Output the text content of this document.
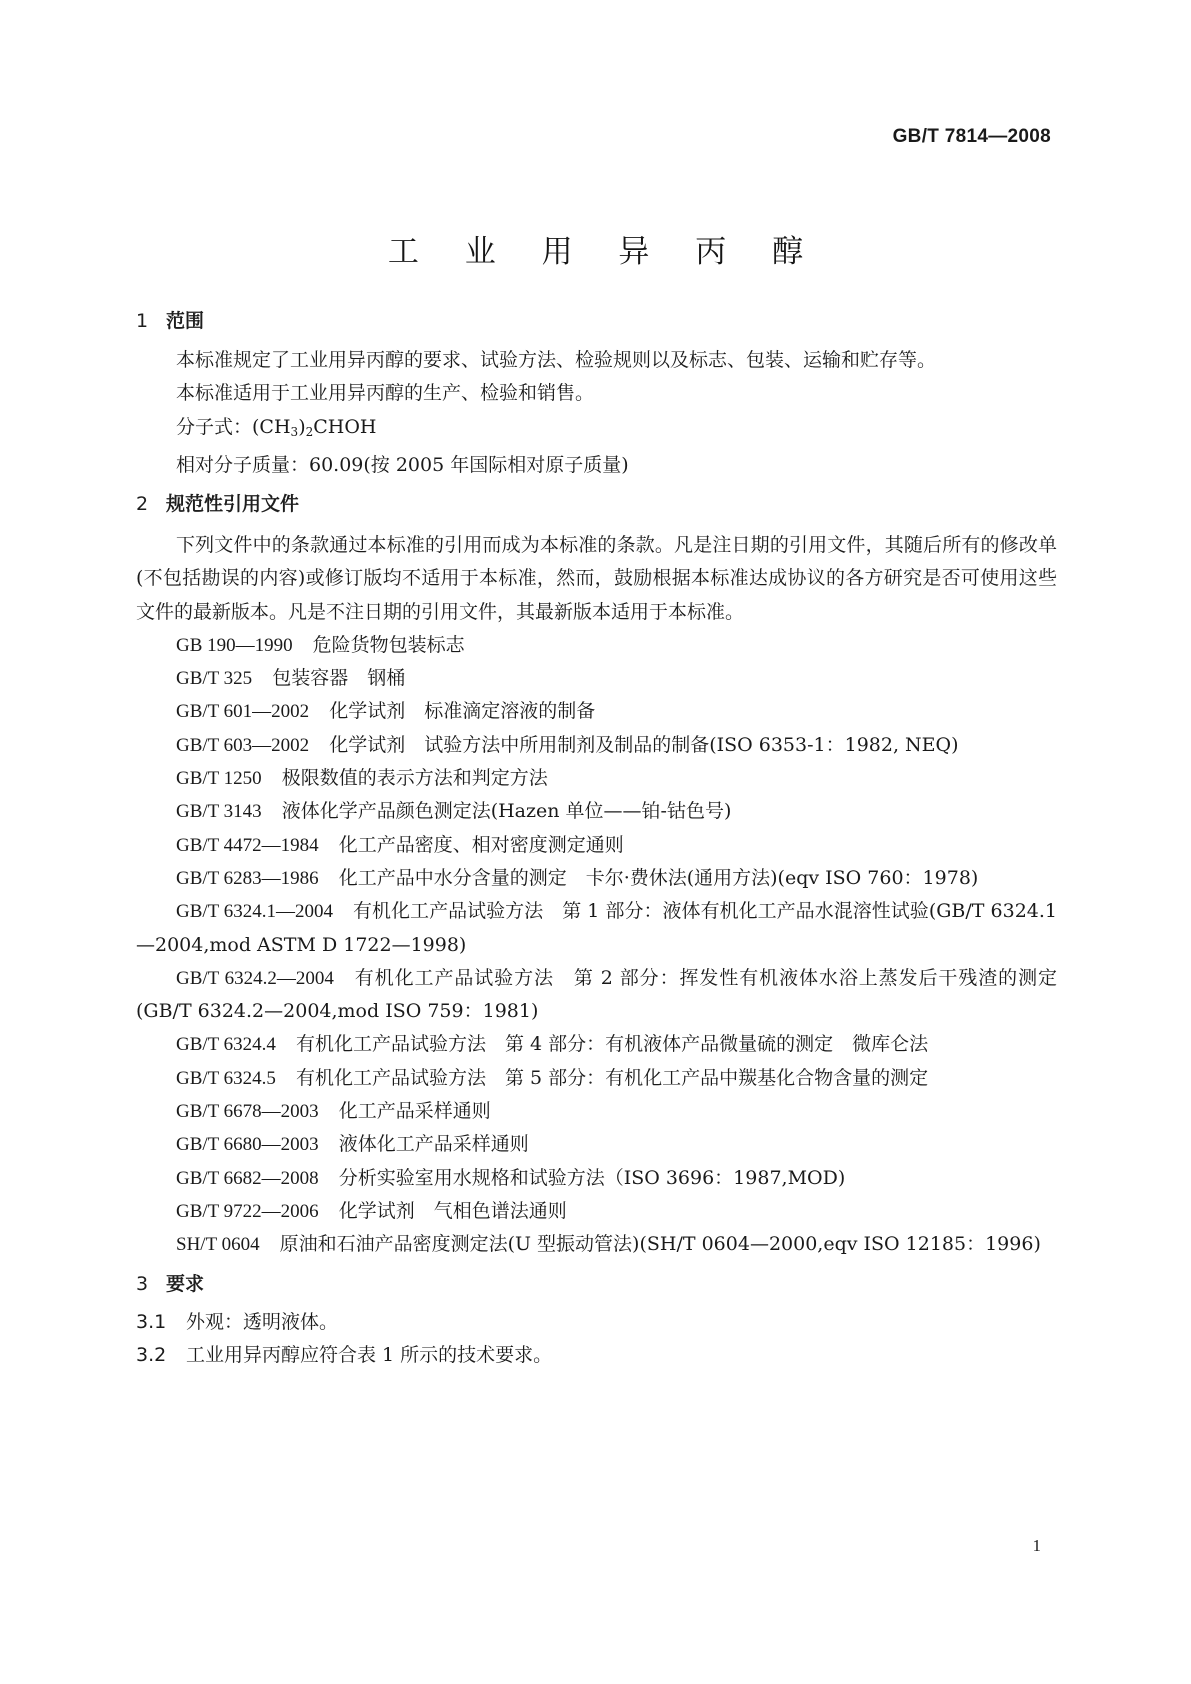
GB/T 7814—2008
工 业 用 异 丙 醇
1 范围

本标准规定了工业用异丙醇的要求、试验方法、检验规则以及标志、包装、运输和贮存等。

本标准适用于工业用异丙醇的生产、检验和销售。

分子式：$(CH_3)_2CHOH$

相对分子质量：60.09(按 2005 年国际相对原子质量)

2 规范性引用文件

下列文件中的条款通过本标准的引用而成为本标准的条款。凡是注日期的引用文件，其随后所有的修改单(不包括勘误的内容)或修订版均不适用于本标准，然而，鼓励根据本标准达成协议的各方研究是否可使用这些文件的最新版本。凡是不注日期的引用文件，其最新版本适用于本标准。

GB 190—1990 危险货物包装标志

GB/T 325 包装容器　钢桶

GB/T 601—2002 化学试剂　标准滴定溶液的制备

GB/T 603—2002 化学试剂　试验方法中所用制剂及制品的制备(ISO 6353-1：1982, NEQ)

GB/T 1250 极限数值的表示方法和判定方法

GB/T 3143 液体化学产品颜色测定法(Hazen 单位——铂-钴色号)

GB/T 4472—1984 化工产品密度、相对密度测定通则

GB/T 6283—1986 化工产品中水分含量的测定　卡尔·费休法(通用方法)(eqv ISO 760：1978)

GB/T 6324.1—2004 有机化工产品试验方法　第 1 部分：液体有机化工产品水混溶性试验(GB/T 6324.1—2004,mod ASTM D 1722—1998)

GB/T 6324.2—2004 有机化工产品试验方法　第 2 部分：挥发性有机液体水浴上蒸发后干残渣的测定(GB/T 6324.2—2004,mod ISO 759：1981)

GB/T 6324.4 有机化工产品试验方法　第 4 部分：有机液体产品微量硫的测定　微库仑法

GB/T 6324.5 有机化工产品试验方法　第 5 部分：有机化工产品中羰基化合物含量的测定

GB/T 6678—2003 化工产品采样通则

GB/T 6680—2003 液体化工产品采样通则

GB/T 6682—2008 分析实验室用水规格和试验方法（ISO 3696：1987,MOD)

GB/T 9722—2006 化学试剂　气相色谱法通则

SH/T 0604 原油和石油产品密度测定法(U 型振动管法)(SH/T 0604—2000,eqv ISO 12185：1996)

3 要求

3.1 外观：透明液体。

3.2 工业用异丙醇应符合表 1 所示的技术要求。

1
